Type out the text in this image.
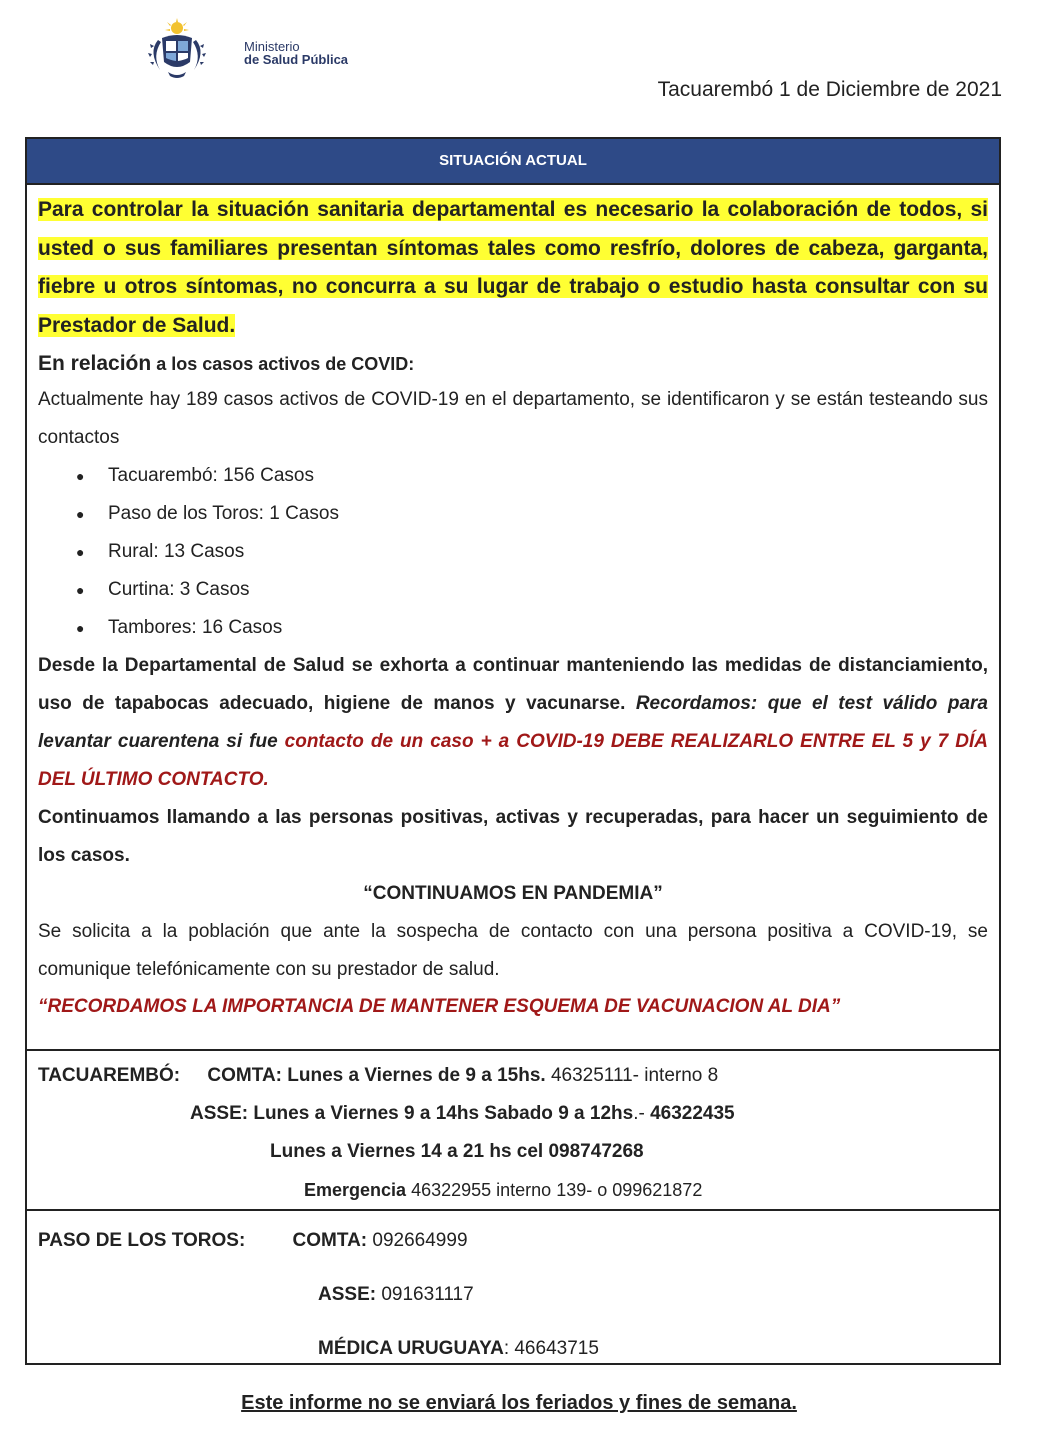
Ministerio
de Salud Pública
Tacuarembó 1 de Diciembre de 2021
SITUACIÓN ACTUAL

Para controlar la situación sanitaria departamental es necesario la colaboración de todos, si usted o sus familiares presentan síntomas tales como resfrío, dolores de cabeza, garganta, fiebre u otros síntomas, no concurra a su lugar de trabajo o estudio hasta consultar con su Prestador de Salud.

En relación a los casos activos de COVID:

Actualmente hay 189 casos activos de COVID-19 en el departamento, se identificaron y se están testeando sus contactos

● Tacuarembó: 156 Casos
● Paso de los Toros: 1 Casos
● Rural: 13 Casos
● Curtina: 3 Casos
● Tambores: 16 Casos

Desde la Departamental de Salud se exhorta a continuar manteniendo las medidas de distanciamiento, uso de tapabocas adecuado, higiene de manos y vacunarse. Recordamos: que el test válido para levantar cuarentena si fue contacto de un caso + a COVID-19 DEBE REALIZARLO ENTRE EL 5 y 7 DÍA DEL ÚLTIMO CONTACTO.

Continuamos llamando a las personas positivas, activas y recuperadas, para hacer un seguimiento de los casos.

“CONTINUAMOS EN PANDEMIA”

Se solicita a la población que ante la sospecha de contacto con una persona positiva a COVID-19, se comunique telefónicamente con su prestador de salud.

“RECORDAMOS LA IMPORTANCIA DE MANTENER ESQUEMA DE VACUNACION AL DIA”

TACUAREMBÓ: COMTA: Lunes a Viernes de 9 a 15hs. 46325111- interno 8
ASSE: Lunes a Viernes 9 a 14hs Sabado 9 a 12hs.- 46322435
Lunes a Viernes 14 a 21 hs cel 098747268
Emergencia 46322955 interno 139- o 099621872
PASO DE LOS TOROS: COMTA: 092664999
ASSE: 091631117
MÉDICA URUGUAYA: 46643715
Este informe no se enviará los feriados y fines de semana.
